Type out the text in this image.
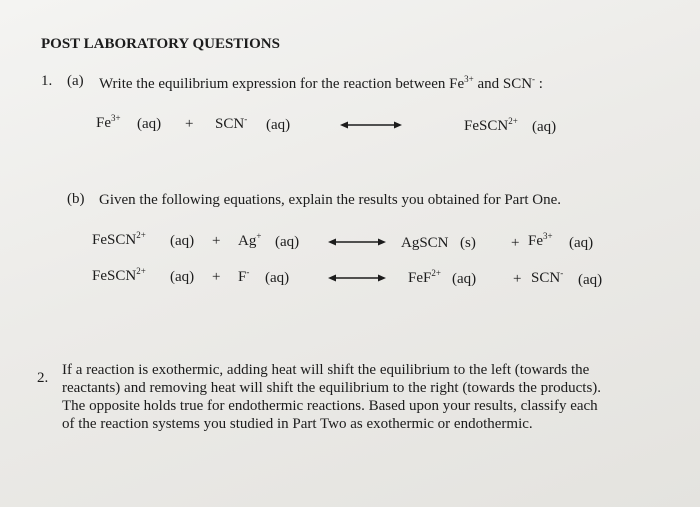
POST LABORATORY QUESTIONS
1. (a) Write the equilibrium expression for the reaction between $Fe^{3+}$ and SCN- :
$Fe^{3+}$ (aq) + SCN- (aq)	FeSCN$^{2+}$ (aq)
(b) Given the following equations, explain the results you obtained for Part One.
FeSCN$^{2+}$ (aq) + Ag+ (aq)	AgSCN $(s) + Fe^{3+}$ (aq)
FeSCN$^{2+}$ (aq) + F- (aq)	FeF$^{2+}$ (aq) + SCN- (aq)
2. If a reaction is exothermic, adding heat will shift the equilibrium to the left (towards the
reactants) and removing heat will shift the equilibrium to the right (towards the products).
The opposite holds true for endothermic reactions. Based upon your results, classify each
of the reaction systems you studied in Part Two as exothermic or endothermic.
